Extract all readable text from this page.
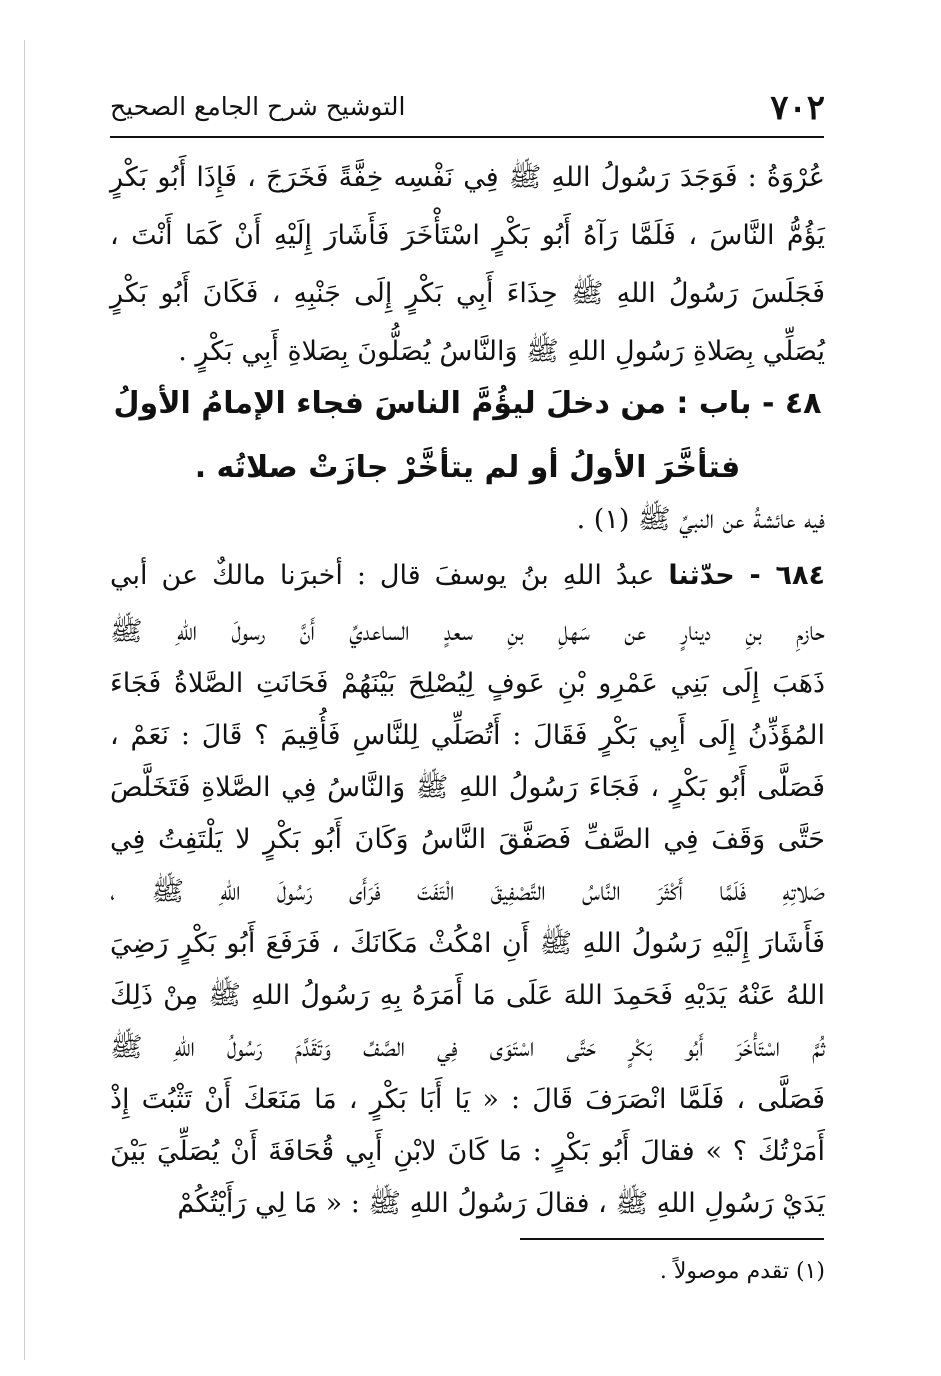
٧٠٢
التوشيح شرح الجامع الصحيح
عُرْوَةُ : فَوَجَدَ رَسُولُ اللهِ ﷺ فِي نَفْسِه خِفَّةً فَخَرَجَ ، فَإِذَا أَبُو بَكْرٍ
يَؤُمُّ النَّاسَ ، فَلَمَّا رَآهُ أَبُو بَكْرٍ اسْتَأْخَرَ فَأَشَارَ إِلَيْهِ أَنْ كَمَا أَنْتَ ،
فَجَلَسَ رَسُولُ اللهِ ﷺ حِذَاءَ أَبِي بَكْرٍ إِلَى جَنْبِهِ ، فَكَانَ أَبُو بَكْرٍ
يُصَلِّي بِصَلاةِ رَسُولِ اللهِ ﷺ وَالنَّاسُ يُصَلُّونَ بِصَلاةِ أَبِي بَكْرٍ .
٤٨ - باب : من دخلَ ليؤُمَّ الناسَ فجاء الإمامُ الأولُ
فتأخَّرَ الأولُ أو لم يتأخَّرْ جازَتْ صلاتُه .
فيه عائشةُ عن النبيِّ ﷺ (١) .
٦٨٤ - حدّثنا عبدُ اللهِ بنُ يوسفَ قال : أخبرَنا مالكٌ عن أبي
حازمِ بنِ دينارٍ عن سَهلِ بنِ سعدٍ الساعديِّ أَنَّ رسولَ اللهِ ﷺ
ذَهَبَ إِلَى بَنِي عَمْرِو بْنِ عَوفٍ لِيُصْلِحَ بَيْنَهُمْ فَحَانَتِ الصَّلاةُ فَجَاءَ
المُؤَذِّنُ إِلَى أَبِي بَكْرٍ فَقَالَ : أَتُصَلِّي لِلنَّاسِ فَأُقِيمَ ؟ قَالَ : نَعَمْ ،
فَصَلَّى أَبُو بَكْرٍ ، فَجَاءَ رَسُولُ اللهِ ﷺ وَالنَّاسُ فِي الصَّلاةِ فَتَخَلَّصَ
حَتَّى وَقَفَ فِي الصَّفِّ فَصَفَّقَ النَّاسُ وَكَانَ أَبُو بَكْرٍ لا يَلْتَفِتُ فِي
صَلاتِهِ فَلَمَّا أَكْثَرَ النَّاسُ التَّصْفِيقَ الْتَفَتَ فَرَأَى رَسُولَ اللهِ ﷺ ،
فَأَشَارَ إِلَيْهِ رَسُولُ اللهِ ﷺ أَنِ امْكُثْ مَكَانَكَ ، فَرَفَعَ أَبُو بَكْرٍ رَضِيَ
اللهُ عَنْهُ يَدَيْهِ فَحَمِدَ اللهَ عَلَى مَا أَمَرَهُ بِهِ رَسُولُ اللهِ ﷺ مِنْ ذَلِكَ
ثُمَّ اسْتَأْخَرَ أَبُو بَكْرٍ حَتَّى اسْتَوَى فِي الصَّفِّ وَتَقَدَّمَ رَسُولُ اللهِ ﷺ
فَصَلَّى ، فَلَمَّا انْصَرَفَ قَالَ : « يَا أَبَا بَكْرٍ ، مَا مَنَعَكَ أَنْ تَثْبُتَ إِذْ
أَمَرْتُكَ ؟ » فقالَ أَبُو بَكْرٍ : مَا كَانَ لابْنِ أَبِي قُحَافَةَ أَنْ يُصَلِّيَ بَيْنَ
يَدَيْ رَسُولِ اللهِ ﷺ ، فقالَ رَسُولُ اللهِ ﷺ : « مَا لِي رَأَيْتُكُمْ
(١) تقدم موصولاً .
